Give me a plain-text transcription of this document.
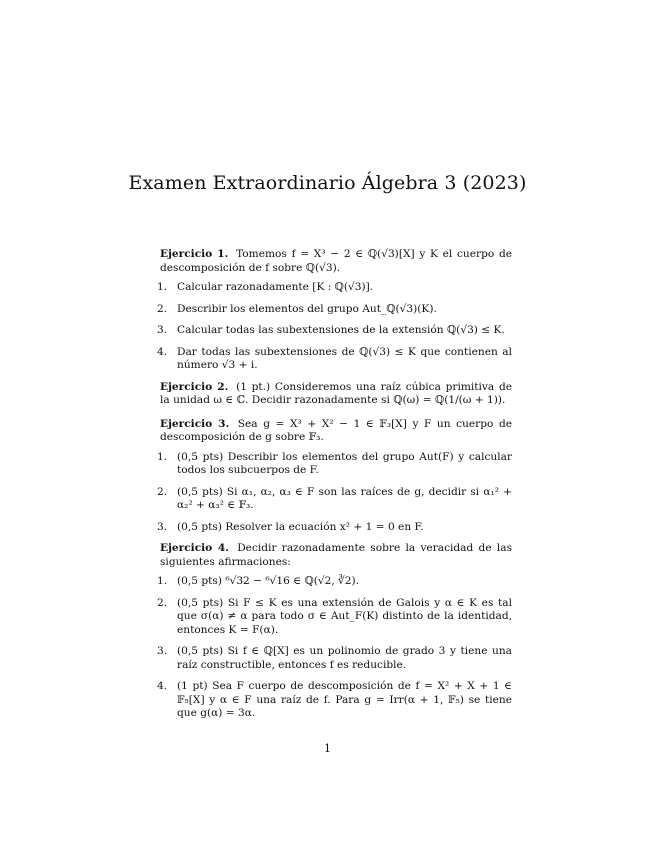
Examen Extraordinario Álgebra 3 (2023)

Ejercicio 1. Tomemos f = X³ − 2 ∈ ℚ(√3)[X] y K el cuerpo de descomposición de f sobre ℚ(√3).

1. Calcular razonadamente [K : ℚ(√3)].
2. Describir los elementos del grupo Aut_ℚ(√3)(K).
3. Calcular todas las subextensiones de la extensión ℚ(√3) ≤ K.
4. Dar todas las subextensiones de ℚ(√3) ≤ K que contienen al número √3 + i.

Ejercicio 2. (1 pt.) Consideremos una raíz cúbica primitiva de la unidad ω ∈ ℂ. Decidir razonadamente si ℚ(ω) = ℚ(1/(ω + 1)).

Ejercicio 3. Sea g = X³ + X² − 1 ∈ 𝔽₃[X] y F un cuerpo de descomposición de g sobre 𝔽₃.

1. (0,5 pts) Describir los elementos del grupo Aut(F) y calcular todos los subcuerpos de F.
2. (0,5 pts) Si α₁, α₂, α₃ ∈ F son las raíces de g, decidir si α₁² + α₂² + α₃² ∈ 𝔽₃.
3. (0,5 pts) Resolver la ecuación x² + 1 = 0 en F.

Ejercicio 4. Decidir razonadamente sobre la veracidad de las siguientes afirmaciones:

1. (0,5 pts) ⁶√32 − ⁶√16 ∈ ℚ(√2, ∛2).
2. (0,5 pts) Si F ≤ K es una extensión de Galois y α ∈ K es tal que σ(α) ≠ α para todo σ ∈ Aut_F(K) distinto de la identidad, entonces K = F(α).
3. (0,5 pts) Si f ∈ ℚ[X] es un polinomio de grado 3 y tiene una raíz constructible, entonces f es reducible.
4. (1 pt) Sea F cuerpo de descomposición de f = X² + X + 1 ∈ 𝔽₅[X] y α ∈ F una raíz de f. Para g = Irr(α + 1, 𝔽₅) se tiene que g(α) = 3α.
1
